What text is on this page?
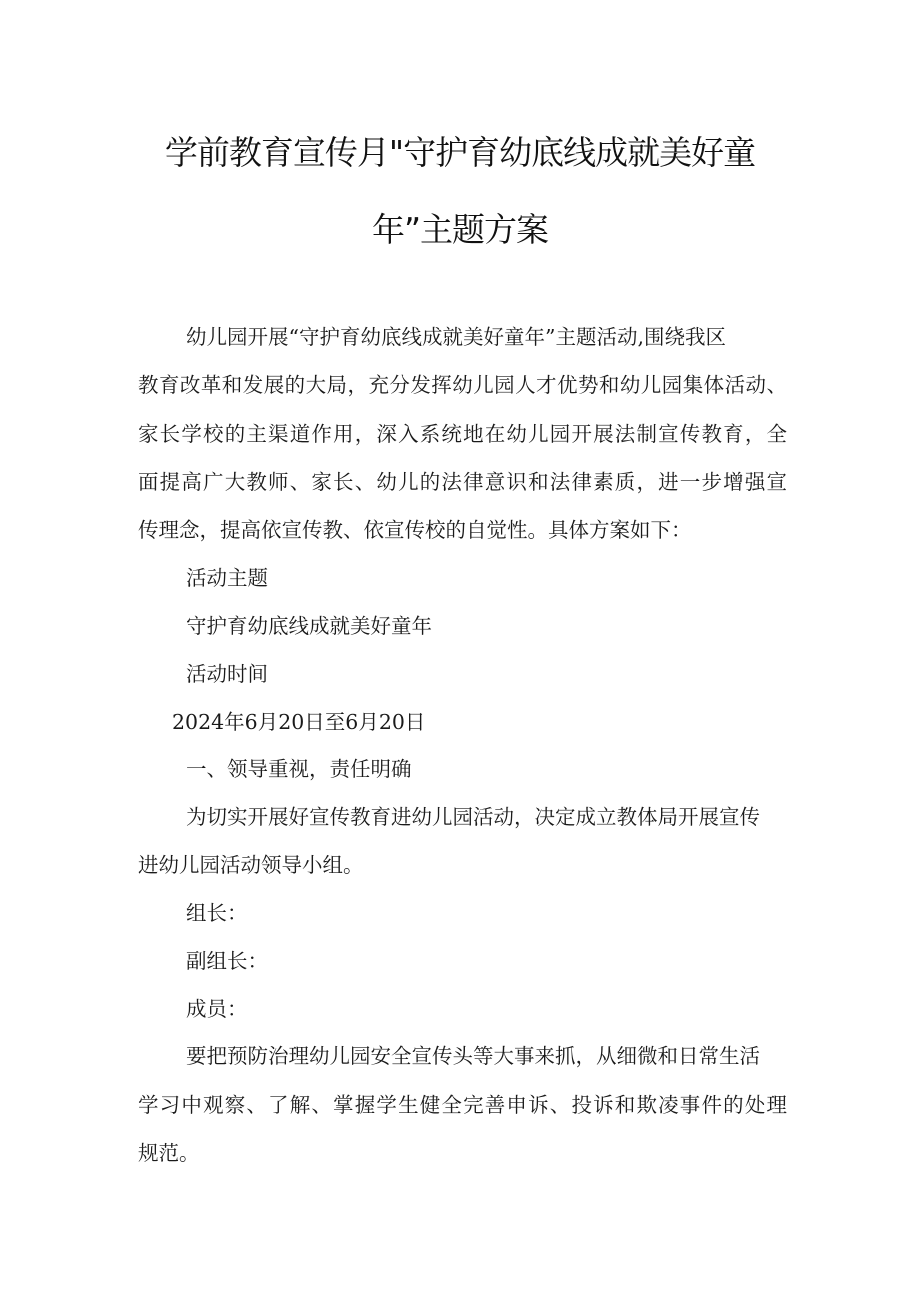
学前教育宣传月"守护育幼底线成就美好童
年”主题方案
幼儿园开展“守护育幼底线成就美好童年”主题活动,围绕我区
教育改革和发展的大局，充分发挥幼儿园人才优势和幼儿园集体活动、
家长学校的主渠道作用，深入系统地在幼儿园开展法制宣传教育，全
面提高广大教师、家长、幼儿的法律意识和法律素质，进一步增强宣
传理念，提高依宣传教、依宣传校的自觉性。具体方案如下：
活动主题
守护育幼底线成就美好童年
活动时间
2024年6月20日至6月20日
一、领导重视，责任明确
为切实开展好宣传教育进幼儿园活动，决定成立教体局开展宣传
进幼儿园活动领导小组。
组长：
副组长：
成员：
要把预防治理幼儿园安全宣传头等大事来抓，从细微和日常生活
学习中观察、了解、掌握学生健全完善申诉、投诉和欺凌事件的处理
规范。
